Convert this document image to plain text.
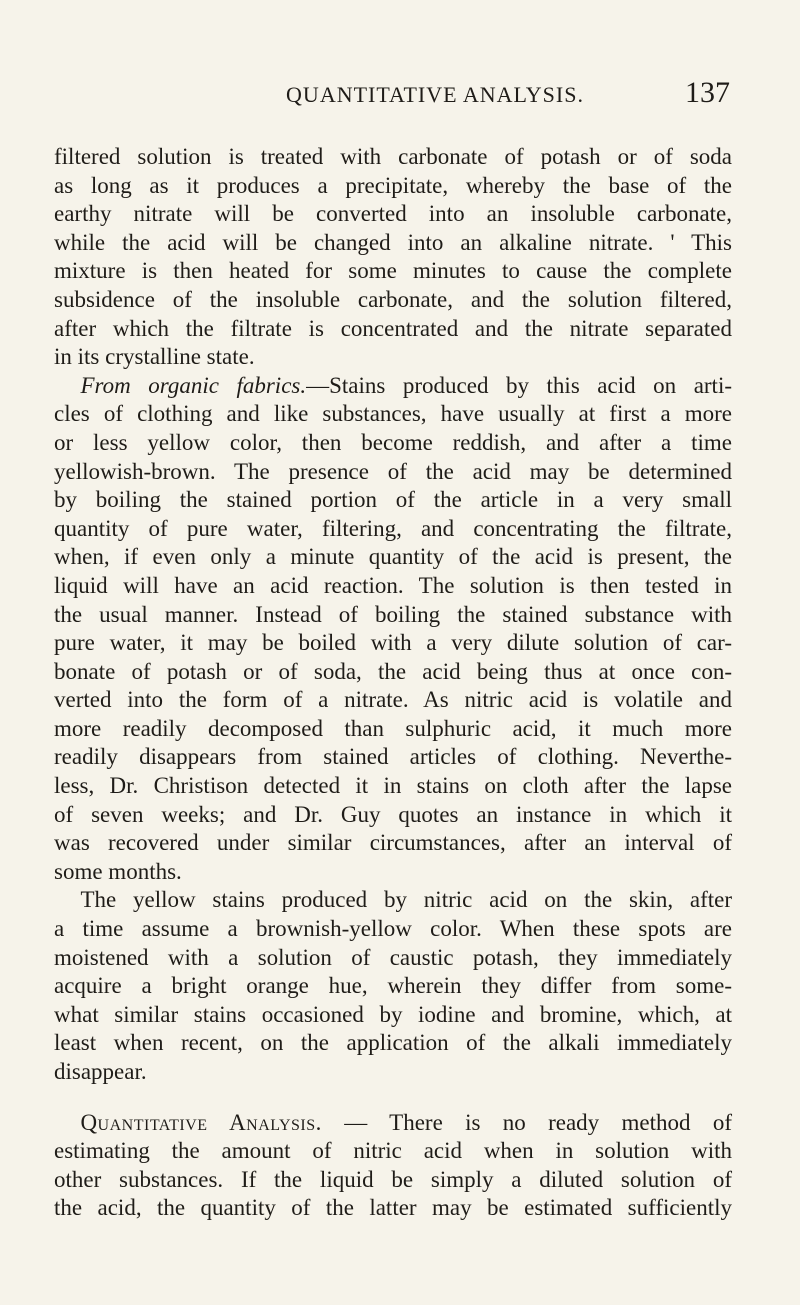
QUANTITATIVE ANALYSIS.	137

filtered solution is treated with carbonate of potash or of soda
as long as it produces a precipitate, whereby the base of the
earthy nitrate will be converted into an insoluble carbonate,
while the acid will be changed into an alkaline nitrate. ' This
mixture is then heated for some minutes to cause the complete
subsidence of the insoluble carbonate, and the solution filtered,
after which the filtrate is concentrated and the nitrate separated
in its crystalline state.

From organic fabrics.—Stains produced by this acid on arti-
cles of clothing and like substances, have usually at first a more
or less yellow color, then become reddish, and after a time
yellowish-brown. The presence of the acid may be determined
by boiling the stained portion of the article in a very small
quantity of pure water, filtering, and concentrating the filtrate,
when, if even only a minute quantity of the acid is present, the
liquid will have an acid reaction. The solution is then tested in
the usual manner. Instead of boiling the stained substance with
pure water, it may be boiled with a very dilute solution of car-
bonate of potash or of soda, the acid being thus at once con-
verted into the form of a nitrate. As nitric acid is volatile and
more readily decomposed than sulphuric acid, it much more
readily disappears from stained articles of clothing. Neverthe-
less, Dr. Christison detected it in stains on cloth after the lapse
of seven weeks; and Dr. Guy quotes an instance in which it
was recovered under similar circumstances, after an interval of
some months.

The yellow stains produced by nitric acid on the skin, after
a time assume a brownish-yellow color. When these spots are
moistened with a solution of caustic potash, they immediately
acquire a bright orange hue, wherein they differ from some-
what similar stains occasioned by iodine and bromine, which, at
least when recent, on the application of the alkali immediately
disappear.

Quantitative Analysis. — There is no ready method of
estimating the amount of nitric acid when in solution with
other substances. If the liquid be simply a diluted solution of
the acid, the quantity of the latter may be estimated sufficiently
